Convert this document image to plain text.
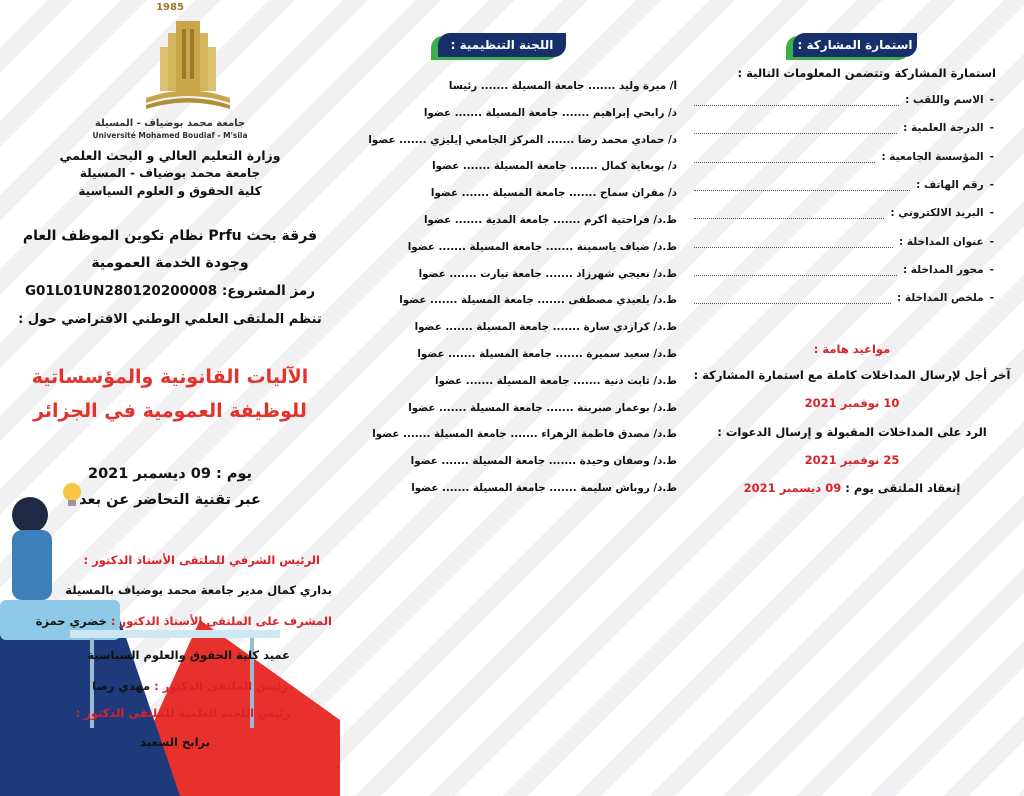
1985
جامعة محمد بوضياف - المسيلة
Université Mohamed Boudiaf - M'sila
وزارة التعليم العالي و البحث العلمي
جامعة محمد بوضياف - المسيلة
كلية الحقوق و العلوم السياسية
فرقة بحث Prfu نظام تكوين الموظف العام
وجودة الخدمة العمومية
رمز المشروع: G01L01UN280120200008
تنظم الملتقى العلمي الوطني الافتراضي حول :
الآليات القانونية والمؤسساتية
للوظيفة العمومية في الجزائر
يوم : 09 ديسمبر 2021
عبر تقنية التحاضر عن بعد
الرئيس الشرفي للملتقى الأستاذ الدكتور :
بداري كمال مدير جامعة محمد بوضياف بالمسيلة
المشرف على الملتقى الأستاذ الدكتور : خضري حمزة
عميد كلية الحقوق والعلوم السياسية
رئيس الملتقى الدكتور : مهدي رضا
رئيس اللجنة العلمية للملتقى الدكتور :
برابح السعيد
اللجنة التنظيمية :
أ/ ميرة وليد ....... جامعة المسيلة ....... رئيسا
د/ رابحي إبراهيم ....... جامعة المسيلة ....... عضوا
د/ حمادي محمد رضا ....... المركز الجامعي إيليزي ....... عضوا
د/ بوبعاية كمال ....... جامعة المسيلة ....... عضوا
د/ مقران سماح ....... جامعة المسيلة ....... عضوا
ط.د/ فراحتية أكرم ....... جامعة المدية ....... عضوا
ط.د/ ضياف ياسمينة ....... جامعة المسيلة ....... عضوا
ط.د/ نعيجي شهرزاد ....... جامعة تيارت ....... عضوا
ط.د/ بلعبدي مصطفى ....... جامعة المسيلة ....... عضوا
ط.د/ كرازدي سارة ....... جامعة المسيلة ....... عضوا
ط.د/ سعيد سميرة ....... جامعة المسيلة ....... عضوا
ط.د/ ثابت دنية ....... جامعة المسيلة ....... عضوا
ط.د/ بوعمار صبرينة ....... جامعة المسيلة ....... عضوا
ط.د/ مصدق فاطمة الزهراء ....... جامعة المسيلة ....... عضوا
ط.د/ وصفان وحيدة ....... جامعة المسيلة ....... عضوا
ط.د/ روباش سليمة ....... جامعة المسيلة ....... عضوا
استمارة المشاركة :
استمارة المشاركة وتتضمن المعلومات التالية :
- الاسم واللقب :
- الدرجة العلمية :
- المؤسسة الجامعية :
- رقم الهاتف :
- البريد الالكتروني :
- عنوان المداخلة :
- محور المداخلة :
- ملخص المداخلة :
مواعيد هامة :
آخر أجل لإرسال المداخلات كاملة مع استمارة المشاركة :
10 نوفمبر 2021
الرد على المداخلات المقبولة و إرسال الدعوات :
25 نوفمبر 2021
إنعقاد الملتقى يوم : 09 ديسمبر 2021
